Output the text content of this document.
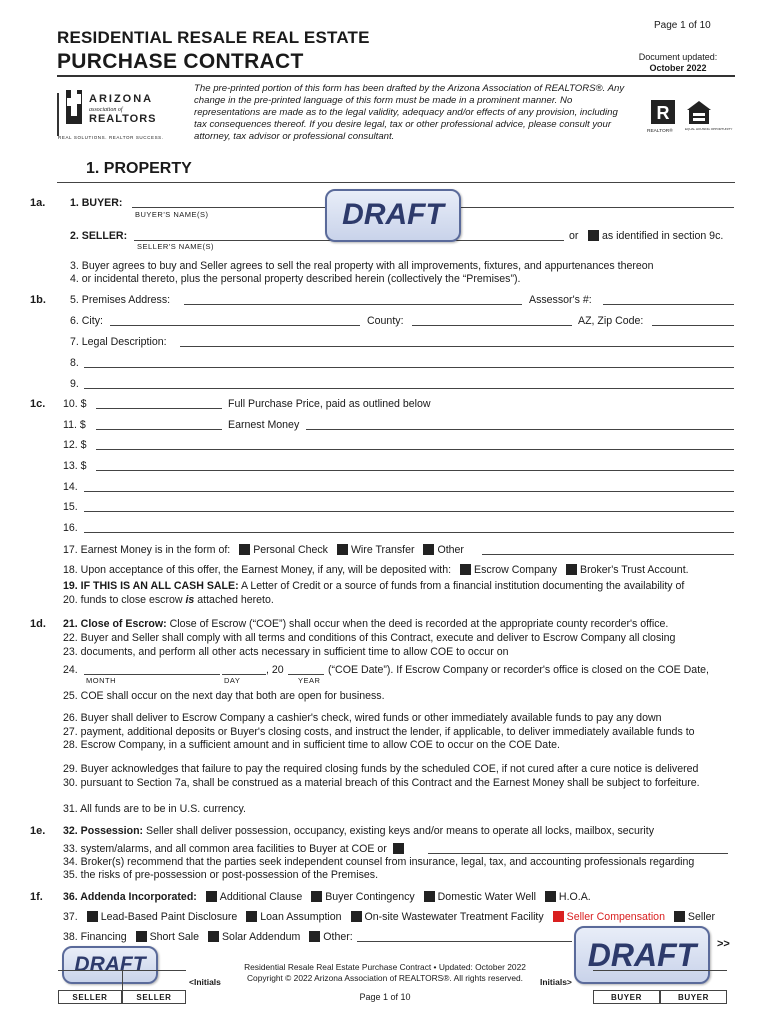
Page 1 of 10
RESIDENTIAL RESALE REAL ESTATE
PURCHASE CONTRACT	Document updated:
October 2022
ARIZONA
association of
REALTORS
REAL SOLUTIONS. REALTOR SUCCESS.
The pre-printed portion of this form has been drafted by the Arizona Association of REALTORS®. Any change in the pre-printed language of this form must be made in a prominent manner. No representations are made as to the legal validity, adequacy and/or effects of any provision, including tax consequences thereof. If you desire legal, tax or other professional advice, please consult your attorney, tax advisor or professional consultant.
R
REALTOR®	EQUAL HOUSING OPPORTUNITY
1. PROPERTY
1a. 1. BUYER:
BUYER'S NAME(S)
2. SELLER:
SELLER'S NAME(S)
or	as identified in section 9c.
3. Buyer agrees to buy and Seller agrees to sell the real property with all improvements, fixtures, and appurtenances thereon
4. or incidental thereto, plus the personal property described herein (collectively the “Premises”).
1b. 5. Premises Address:	Assessor's #:
6. City:	County:	AZ, Zip Code:
7. Legal Description:
8.
9.
1c. 10. $	Full Purchase Price, paid as outlined below
11. $	Earnest Money
12. $
13. $
14.
15.
16.
17. Earnest Money is in the form of: Personal Check Wire Transfer Other
18. Upon acceptance of this offer, the Earnest Money, if any, will be deposited with: Escrow Company Broker's Trust Account.
19. IF THIS IS AN ALL CASH SALE: A Letter of Credit or a source of funds from a financial institution documenting the availability of
20. funds to close escrow is attached hereto.
1d. 21. Close of Escrow: Close of Escrow (“COE”) shall occur when the deed is recorded at the appropriate county recorder's office.
22. Buyer and Seller shall comply with all terms and conditions of this Contract, execute and deliver to Escrow Company all closing
23. documents, and perform all other acts necessary in sufficient time to allow COE to occur on
24.	, 20	(“COE Date”). If Escrow Company or recorder's office is closed on the COE Date,
MONTH	DAY	YEAR
25. COE shall occur on the next day that both are open for business.
26. Buyer shall deliver to Escrow Company a cashier's check, wired funds or other immediately available funds to pay any down
27. payment, additional deposits or Buyer's closing costs, and instruct the lender, if applicable, to deliver immediately available funds to
28. Escrow Company, in a sufficient amount and in sufficient time to allow COE to occur on the COE Date.
29. Buyer acknowledges that failure to pay the required closing funds by the scheduled COE, if not cured after a cure notice is delivered
30. pursuant to Section 7a, shall be construed as a material breach of this Contract and the Earnest Money shall be subject to forfeiture.
31. All funds are to be in U.S. currency.
1e. 32. Possession: Seller shall deliver possession, occupancy, existing keys and/or means to operate all locks, mailbox, security
33. system/alarms, and all common area facilities to Buyer at COE or
34. Broker(s) recommend that the parties seek independent counsel from insurance, legal, tax, and accounting professionals regarding
35. the risks of pre-possession or post-possession of the Premises.
1f. 36. Addenda Incorporated: Additional Clause Buyer Contingency Domestic Water Well H.O.A.
37. Lead-Based Paint Disclosure Loan Assumption On-site Wastewater Treatment Facility Seller Compensation Seller
38. Financing Short Sale Solar Addendum Other:
DRAFT
DRAFT	DRAFT	>>
Residential Resale Real Estate Purchase Contract • Updated: October 2022
Copyright © 2022 Arizona Association of REALTORS®. All rights reserved.
Page 1 of 10
SELLER	SELLER
<Initials	Initials>
BUYER	BUYER
